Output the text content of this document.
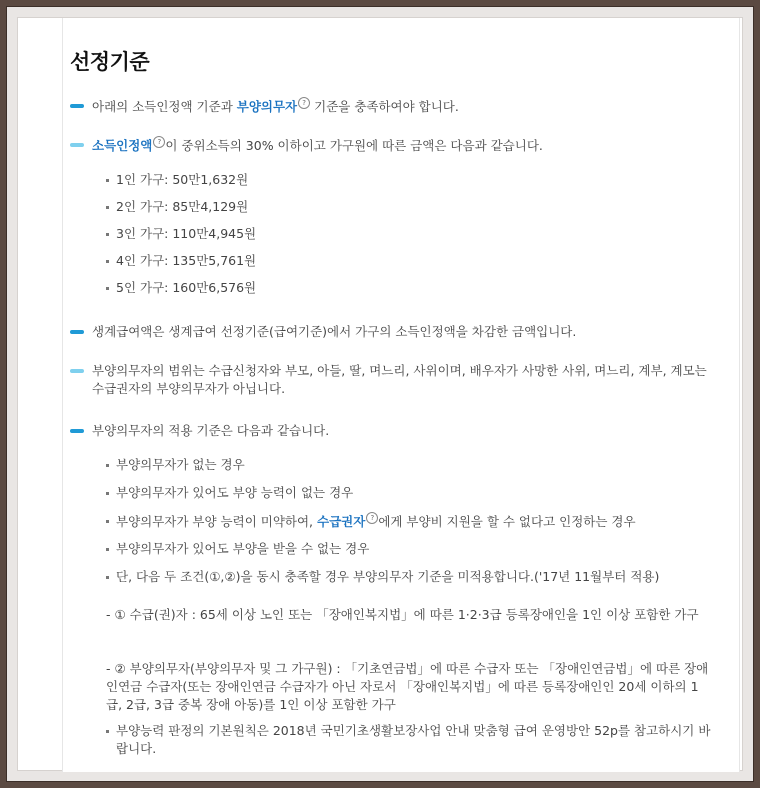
선정기준
아래의 소득인정액 기준과 부양의무자 ? 기준을 충족하여야 합니다.
소득인정액 ? 이 중위소득의 30% 이하이고 가구원에 따른 금액은 다음과 같습니다.
1인 가구: 50만1,632원
2인 가구: 85만4,129원
3인 가구: 110만4,945원
4인 가구: 135만5,761원
5인 가구: 160만6,576원
생계급여액은 생계급여 선정기준(급여기준)에서 가구의 소득인정액을 차감한 금액입니다.
부양의무자의 범위는 수급신청자와 부모, 아들, 딸, 며느리, 사위이며, 배우자가 사망한 사위, 며느리, 계부, 계모는 수급권자의 부양의무자가 아닙니다.
부양의무자의 적용 기준은 다음과 같습니다.
부양의무자가 없는 경우
부양의무자가 있어도 부양 능력이 없는 경우
부양의무자가 부양 능력이 미약하여, 수급권자 ? 에게 부양비 지원을 할 수 없다고 인정하는 경우
부양의무자가 있어도 부양을 받을 수 없는 경우
단, 다음 두 조건(①,②)을 동시 충족할 경우 부양의무자 기준을 미적용합니다.('17년 11월부터 적용)
- ① 수급(권)자 : 65세 이상 노인 또는 「장애인복지법」에 따른 1·2·3급 등록장애인을 1인 이상 포함한 가구
- ② 부양의무자(부양의무자 및 그 가구원) : 「기초연금법」에 따른 수급자 또는 「장애인연금법」에 따른 장애인연금 수급자(또는 장애인연금 수급자가 아닌 자로서 「장애인복지법」에 따른 등록장애인인 20세 이하의 1급, 2급, 3급 중복 장애 아동)를 1인 이상 포함한 가구
부양능력 판정의 기본원칙은 2018년 국민기초생활보장사업 안내 맞춤형 급여 운영방안 52p를 참고하시기 바랍니다.
